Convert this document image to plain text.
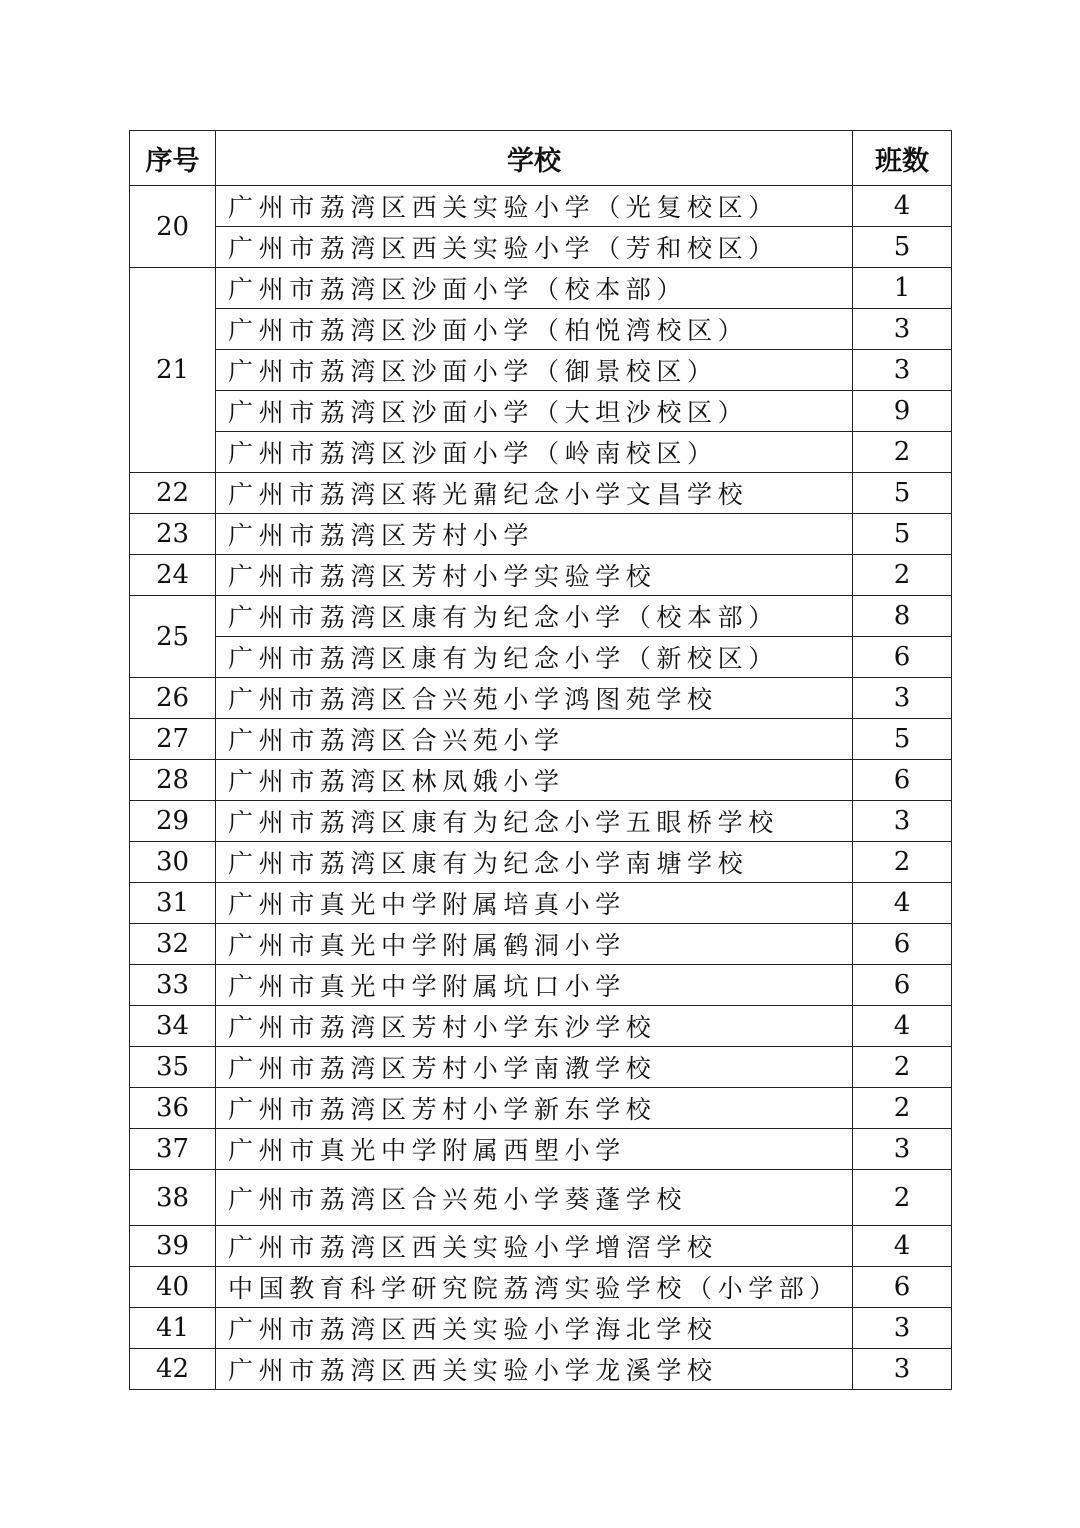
序号	学校	班数
20	广州市荔湾区西关实验小学（光复校区）	4
	广州市荔湾区西关实验小学（芳和校区）	5
21	广州市荔湾区沙面小学（校本部）	1
	广州市荔湾区沙面小学（柏悦湾校区）	3
	广州市荔湾区沙面小学（御景校区）	3
	广州市荔湾区沙面小学（大坦沙校区）	9
	广州市荔湾区沙面小学（岭南校区）	2
22	广州市荔湾区蒋光鼐纪念小学文昌学校	5
23	广州市荔湾区芳村小学	5
24	广州市荔湾区芳村小学实验学校	2
25	广州市荔湾区康有为纪念小学（校本部）	8
	广州市荔湾区康有为纪念小学（新校区）	6
26	广州市荔湾区合兴苑小学鸿图苑学校	3
27	广州市荔湾区合兴苑小学	5
28	广州市荔湾区林凤娥小学	6
29	广州市荔湾区康有为纪念小学五眼桥学校	3
30	广州市荔湾区康有为纪念小学南塘学校	2
31	广州市真光中学附属培真小学	4
32	广州市真光中学附属鹤洞小学	6
33	广州市真光中学附属坑口小学	6
34	广州市荔湾区芳村小学东沙学校	4
35	广州市荔湾区芳村小学南漖学校	2
36	广州市荔湾区芳村小学新东学校	2
37	广州市真光中学附属西塱小学	3
38	广州市荔湾区合兴苑小学葵蓬学校	2
39	广州市荔湾区西关实验小学增滘学校	4
40	中国教育科学研究院荔湾实验学校（小学部）	6
41	广州市荔湾区西关实验小学海北学校	3
42	广州市荔湾区西关实验小学龙溪学校	3
